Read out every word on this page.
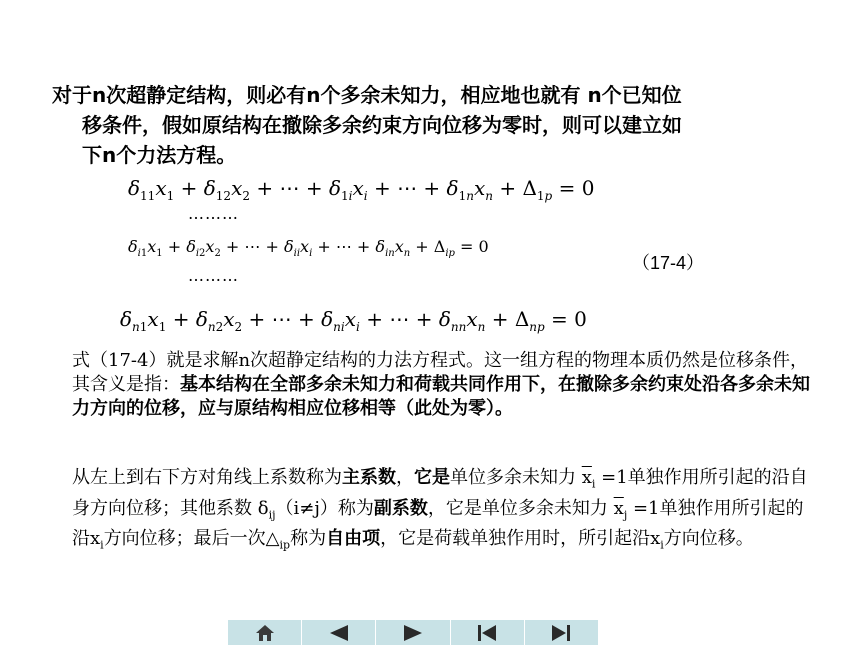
对于n次超静定结构，则必有n个多余未知力，相应地也就有 n个已知位
移条件，假如原结构在撤除多余约束方向位移为零时，则可以建立如
下n个力法方程。
$\delta_{11}x_1 + \delta_{12}x_2$ + ⋯ + $\delta_{1i}x_i$ + ⋯ + $\delta_{1n}x_n + \Delta_{1p} = 0$
………
$\delta_{i1}x_1 + \delta_{i2}x_2$ + ⋯ + $\delta_{ii}x_i$ + ⋯ + $\delta_{in}x_n + \Delta_{ip} = 0$
（17-4）
………
$\delta_{n1}x_1 + \delta_{n2}x_2$ + ⋯ + $\delta_{ni}x_i$ + ⋯ + $\delta_{nn}x_n + \Delta_{np} = 0$
式（17-4）就是求解n次超静定结构的力法方程式。这一组方程的物理本质仍然是位移条件，其含义是指：基本结构在全部多余未知力和荷载共同作用下，在撤除多余约束处沿各多余未知力方向的位移，应与原结构相应位移相等（此处为零）。
从左上到右下方对角线上系数称为主系数，它是单位多余未知力 $\overline{x}_i =1$单独作用所引起的沿自身方向位移；其他系数 $\delta_{ij}(i\ne j)$称为副系数，它是单位多余未知力 $\overline{x}_j =1$单独作用所引起的沿$x_i$方向位移；最后一次$\triangle_{ip}$称为自由项，它是荷载单独作用时，所引起沿$x_i$方向位移。
